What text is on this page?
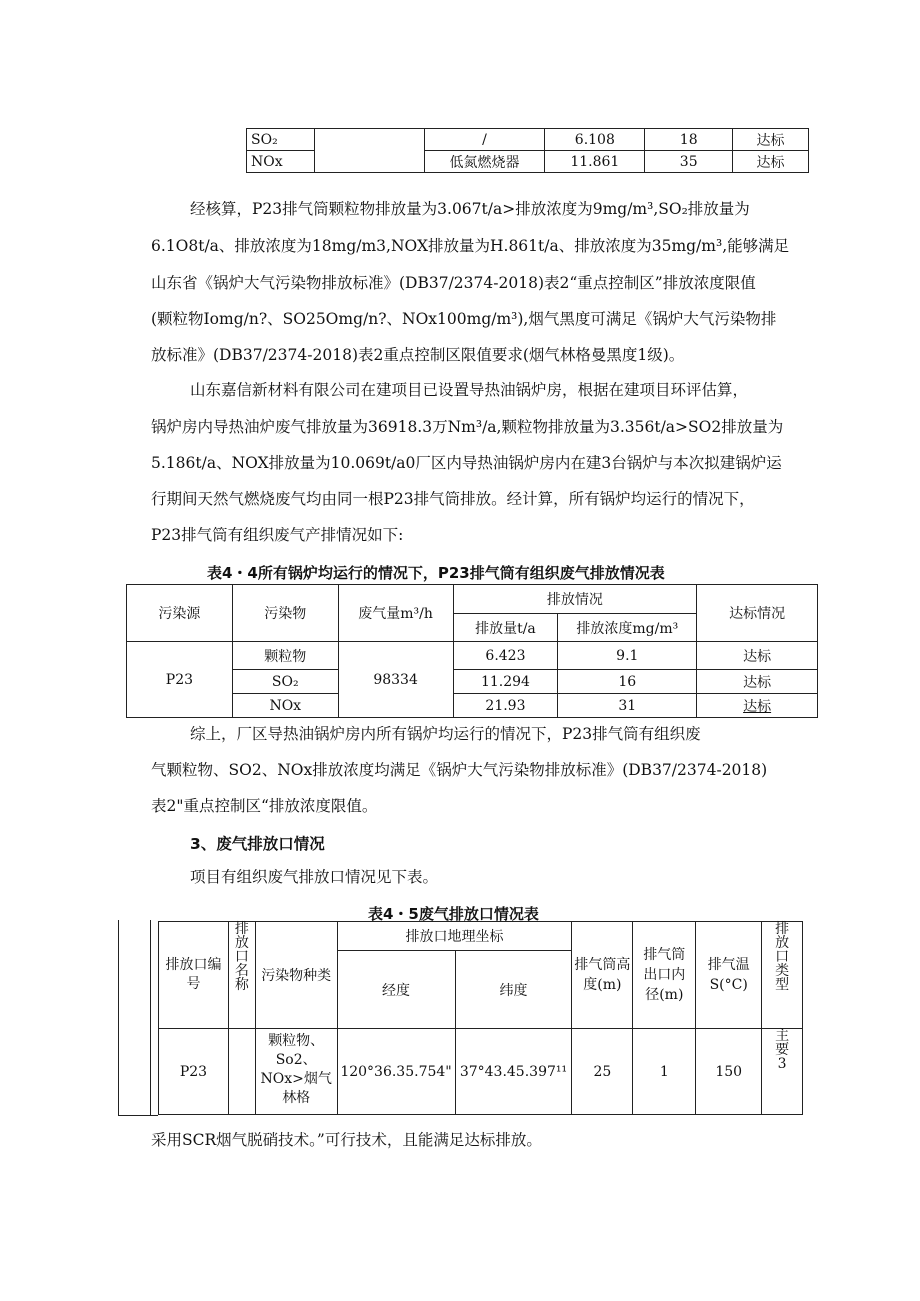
SO₂		/	6.108	18	达标
NOx		低氮燃烧器	11.861	35	达标
经核算，P23排气筒颗粒物排放量为3.067t/a>排放浓度为9mg/m³,SO₂排放量为
6.1O8t/a、排放浓度为18mg/m3,NOX排放量为H.861t/a、排放浓度为35mg/m³,能够满足
山东省《锅炉大气污染物排放标准》(DB37/2374-2018)表2“重点控制区”排放浓度限值
(颗粒物Iomg/n?、SO25Omg/n?、NOx100mg/m³),烟气黑度可满足《锅炉大气污染物排
放标准》(DB37/2374-2018)表2重点控制区限值要求(烟气林格曼黑度1级)。
山东嘉信新材料有限公司在建项目已设置导热油锅炉房，根据在建项目环评估算，
锅炉房内导热油炉废气排放量为36918.3万Nm³/a,颗粒物排放量为3.356t/a>SO2排放量为
5.186t/a、NOX排放量为10.069t/a0厂区内导热油锅炉房内在建3台锅炉与本次拟建锅炉运
行期间天然气燃烧废气均由同一根P23排气筒排放。经计算，所有锅炉均运行的情况下，
P23排气筒有组织废气产排情况如下:
表4・4所有锅炉均运行的情况下，P23排气筒有组织废气排放情况表
污染源	污染物	废气量m³/h	排放情况		达标情况
			排放量t/a	排放浓度mg/m³	
P23	颗粒物	98334	6.423	9.1	达标
	SO₂		11.294	16	达标
	NOx		21.93	31	达标
综上，厂区导热油锅炉房内所有锅炉均运行的情况下，P23排气筒有组织废
气颗粒物、SO2、NOx排放浓度均满足《锅炉大气污染物排放标准》(DB37/2374-2018)
表2"重点控制区“排放浓度限值。
3、废气排放口情况
项目有组织废气排放口情况见下表。
表4・5废气排放口情况表
排放口编号	排放口名称	污染物种类	排放口地理坐标		排气筒高度(m)	排气筒出口内径(m)	排气温S(°C)	排放口类型
			经度	纬度				
P23		颗粒物、
So2、
NOx>烟气
林格	120°36.35.754"	37°43.45.397¹¹	25	1	150	主要3
采用SCR烟气脱硝技术。”可行技术，且能满足达标排放。
